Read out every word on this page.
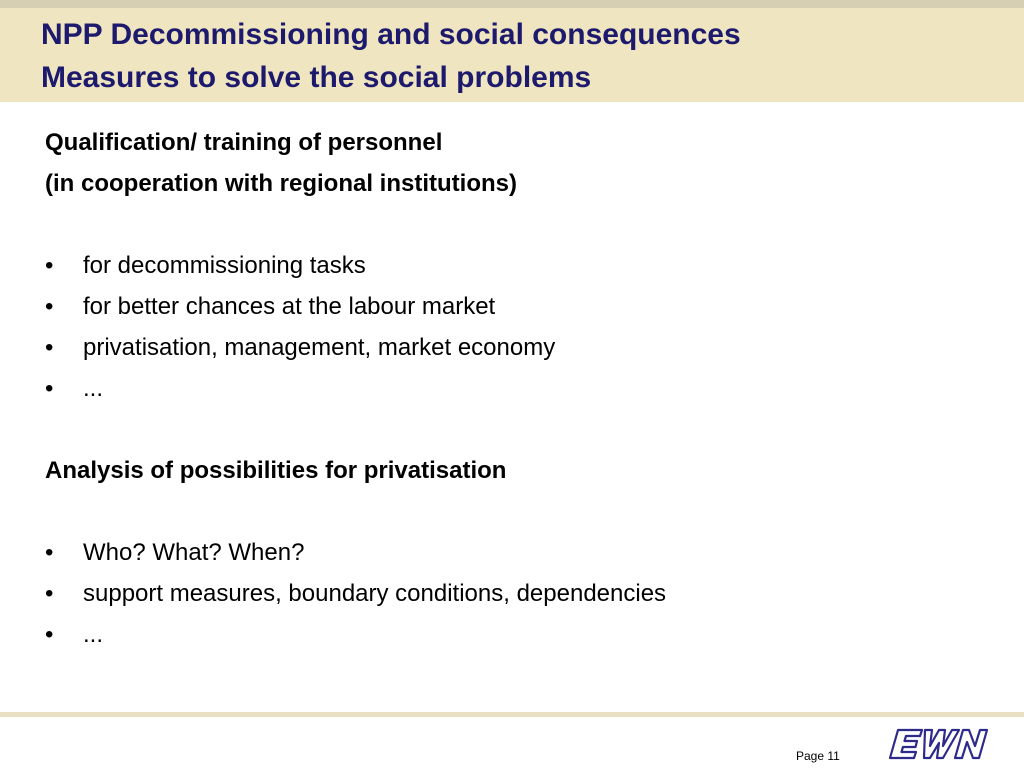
NPP Decommissioning and social consequences
Measures to solve the social problems
Qualification/ training of personnel
(in cooperation with regional institutions)
• for decommissioning tasks
• for better chances at the labour market
• privatisation, management, market economy
• ...
Analysis of possibilities for privatisation
• Who? What? When?
• support measures, boundary conditions, dependencies
• ...
Page 11
